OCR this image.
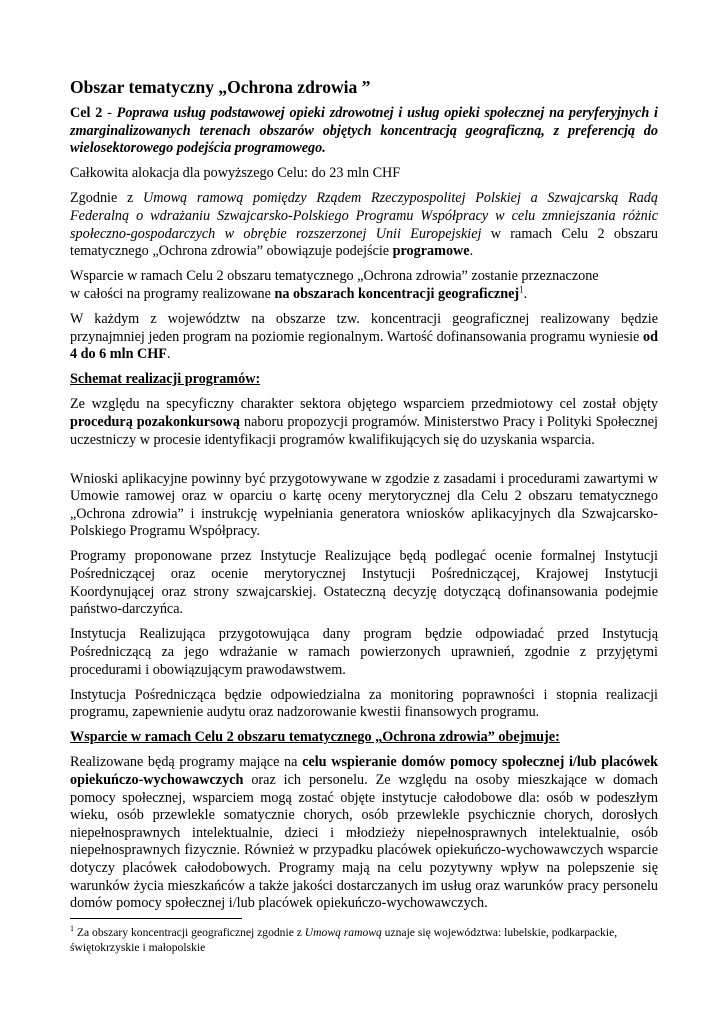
Obszar tematyczny „Ochrona zdrowia ”

Cel 2 - Poprawa usług podstawowej opieki zdrowotnej i usług opieki społecznej na peryferyjnych i zmarginalizowanych terenach obszarów objętych koncentracją geograficzną, z preferencją do wielosektorowego podejścia programowego.

Całkowita alokacja dla powyższego Celu: do 23 mln CHF

Zgodnie z Umową ramową pomiędzy Rządem Rzeczypospolitej Polskiej a Szwajcarską Radą Federalną o wdrażaniu Szwajcarsko-Polskiego Programu Współpracy w celu zmniejszania różnic społeczno-gospodarczych w obrębie rozszerzonej Unii Europejskiej w ramach Celu 2 obszaru tematycznego „Ochrona zdrowia” obowiązuje podejście programowe.

Wsparcie w ramach Celu 2 obszaru tematycznego „Ochrona zdrowia” zostanie przeznaczone
w całości na programy realizowane na obszarach koncentracji geograficznej$^1$.

W każdym z województw na obszarze tzw. koncentracji geograficznej realizowany będzie przynajmniej jeden program na poziomie regionalnym. Wartość dofinansowania programu wyniesie od 4 do 6 mln CHF.

Schemat realizacji programów:

Ze względu na specyficzny charakter sektora objętego wsparciem przedmiotowy cel został objęty procedurą pozakonkursową naboru propozycji programów. Ministerstwo Pracy i Polityki Społecznej uczestniczy w procesie identyfikacji programów kwalifikujących się do uzyskania wsparcia.

Wnioski aplikacyjne powinny być przygotowywane w zgodzie z zasadami i procedurami zawartymi w Umowie ramowej oraz w oparciu o kartę oceny merytorycznej dla Celu 2 obszaru tematycznego „Ochrona zdrowia” i instrukcję wypełniania generatora wniosków aplikacyjnych dla Szwajcarsko-Polskiego Programu Współpracy.

Programy proponowane przez Instytucje Realizujące będą podlegać ocenie formalnej Instytucji Pośredniczącej oraz ocenie merytorycznej Instytucji Pośredniczącej, Krajowej Instytucji Koordynującej oraz strony szwajcarskiej. Ostateczną decyzję dotyczącą dofinansowania podejmie państwo-darczyńca.

Instytucja Realizująca przygotowująca dany program będzie odpowiadać przed Instytucją Pośredniczącą za jego wdrażanie w ramach powierzonych uprawnień, zgodnie z przyjętymi procedurami i obowiązującym prawodawstwem.

Instytucja Pośrednicząca będzie odpowiedzialna za monitoring poprawności i stopnia realizacji programu, zapewnienie audytu oraz nadzorowanie kwestii finansowych programu.

Wsparcie w ramach Celu 2 obszaru tematycznego „Ochrona zdrowia” obejmuje:

Realizowane będą programy mające na celu wspieranie domów pomocy społecznej i/lub placówek opiekuńczo-wychowawczych oraz ich personelu. Ze względu na osoby mieszkające w domach pomocy społecznej, wsparciem mogą zostać objęte instytucje całodobowe dla: osób w podeszłym wieku, osób przewlekle somatycznie chorych, osób przewlekle psychicznie chorych, dorosłych niepełnosprawnych intelektualnie, dzieci i młodzieży niepełnosprawnych intelektualnie, osób niepełnosprawnych fizycznie. Również w przypadku placówek opiekuńczo-wychowawczych wsparcie dotyczy placówek całodobowych. Programy mają na celu pozytywny wpływ na polepszenie się warunków życia mieszkańców a także jakości dostarczanych im usług oraz warunków pracy personelu domów pomocy społecznej i/lub placówek opiekuńczo-wychowawczych.

$^1$ Za obszary koncentracji geograficznej zgodnie z Umową ramową uznaje się województwa: lubelskie, podkarpackie, świętokrzyskie i małopolskie
